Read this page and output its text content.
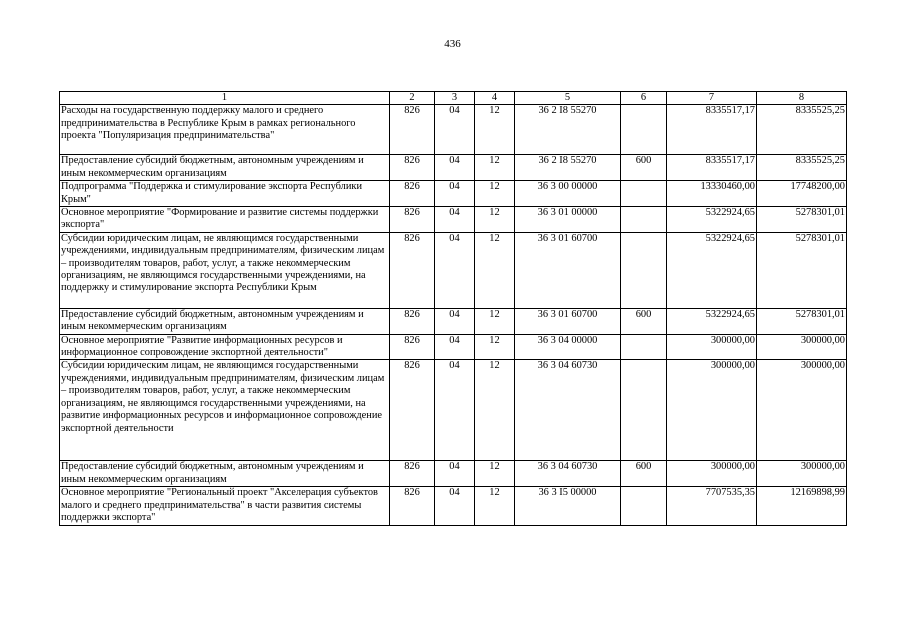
436
1	2	3	4	5	6	7	8
Расходы на государственную поддержку малого и среднего предпринимательства в Республике Крым в рамках регионального проекта "Популяризация предпринимательства"	826	04	12	36 2 I8 55270		8335517,17	8335525,25
Предоставление субсидий бюджетным, автономным учреждениям и иным некоммерческим организациям	826	04	12	36 2 I8 55270	600	8335517,17	8335525,25
Подпрограмма "Поддержка и стимулирование экспорта Республики Крым"	826	04	12	36 3 00 00000		13330460,00	17748200,00
Основное мероприятие "Формирование и развитие системы поддержки экспорта"	826	04	12	36 3 01 00000		5322924,65	5278301,01
Субсидии юридическим лицам, не являющимся государственными учреждениями, индивидуальным предпринимателям, физическим лицам – производителям товаров, работ, услуг, а также некоммерческим организациям, не являющимся государственными учреждениями, на поддержку и стимулирование экспорта Республики Крым	826	04	12	36 3 01 60700		5322924,65	5278301,01
Предоставление субсидий бюджетным, автономным учреждениям и иным некоммерческим организациям	826	04	12	36 3 01 60700	600	5322924,65	5278301,01
Основное мероприятие "Развитие информационных ресурсов и информационное сопровождение экспортной деятельности"	826	04	12	36 3 04 00000		300000,00	300000,00
Субсидии юридическим лицам, не являющимся государственными учреждениями, индивидуальным предпринимателям, физическим лицам – производителям товаров, работ, услуг, а также некоммерческим организациям, не являющимся государственными учреждениями, на развитие информационных ресурсов и информационное сопровождение экспортной деятельности	826	04	12	36 3 04 60730		300000,00	300000,00
Предоставление субсидий бюджетным, автономным учреждениям и иным некоммерческим организациям	826	04	12	36 3 04 60730	600	300000,00	300000,00
Основное мероприятие "Региональный проект "Акселерация субъектов малого и среднего предпринимательства" в части развития системы поддержки экспорта"	826	04	12	36 3 I5 00000		7707535,35	12169898,99
